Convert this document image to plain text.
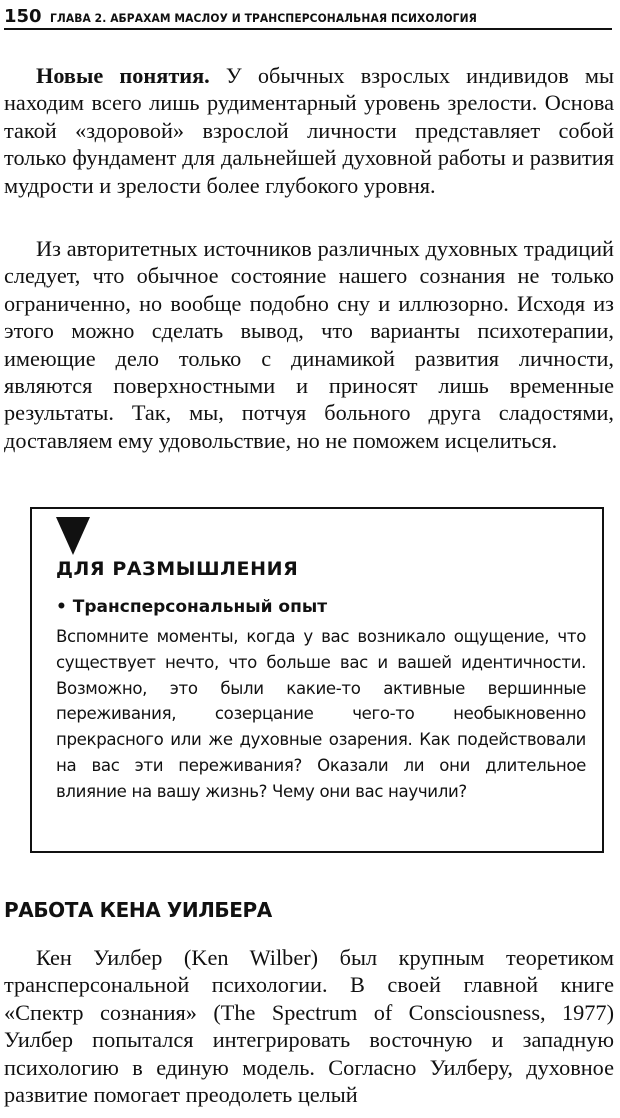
150 ГЛАВА 2. АБРАХАМ МАСЛОУ И ТРАНСПЕРСОНАЛЬНАЯ ПСИХОЛОГИЯ

Новые понятия. У обычных взрослых индивидов мы находим всего лишь рудиментарный уровень зрелости. Основа такой «здоровой» взрослой личности представляет собой только фундамент для дальнейшей духовной работы и развития мудрости и зрелости более глубокого уровня.

Из авторитетных источников различных духовных традиций следует, что обычное состояние нашего сознания не только ограниченно, но вообще подобно сну и иллюзорно. Исходя из этого можно сделать вывод, что варианты психотерапии, имеющие дело только с динамикой развития личности, являются поверхностными и приносят лишь временные результаты. Так, мы, потчуя больного друга сладостями, доставляем ему удовольствие, но не поможем исцелиться.

ДЛЯ РАЗМЫШЛЕНИЯ
• Трансперсональный опыт

Вспомните моменты, когда у вас возникало ощущение, что существует нечто, что больше вас и вашей идентичности. Возможно, это были какие-то активные вершинные переживания, созерцание чего-то необыкновенно прекрасного или же духовные озарения. Как подействовали на вас эти переживания? Оказали ли они длительное влияние на вашу жизнь? Чему они вас научили?

РАБОТА КЕНА УИЛБЕРА

Кен Уилбер (Ken Wilber) был крупным теоретиком трансперсональной психологии. В своей главной книге «Спектр сознания» (The Spectrum of Consciousness, 1977) Уилбер попытался интегрировать восточную и западную психологию в единую модель. Согласно Уилберу, духовное развитие помогает преодолеть целый
